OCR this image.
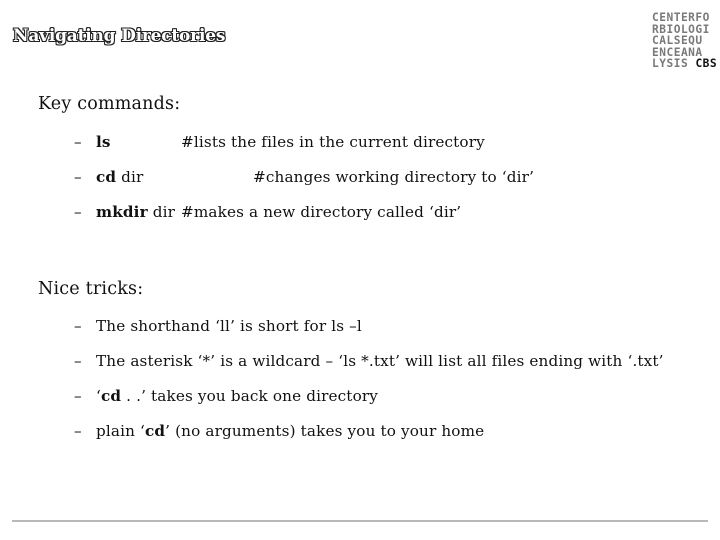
Navigating Directories
CENTERFO
RBIOLOGI
CALSEQU
ENCEANA
LYSIS CBS
Key commands:
– ls	#lists the files in the current directory
– cd dir	#changes working directory to ‘dir’
– mkdir dir #makes a new directory called ‘dir’
Nice tricks:
– The shorthand ‘ll’ is short for ls –l
– The asterisk ‘*’ is a wildcard – ‘ls *.txt’ will list all files ending with ‘.txt’
– ‘cd . .’ takes you back one directory
– plain ‘cd’ (no arguments) takes you to your home
